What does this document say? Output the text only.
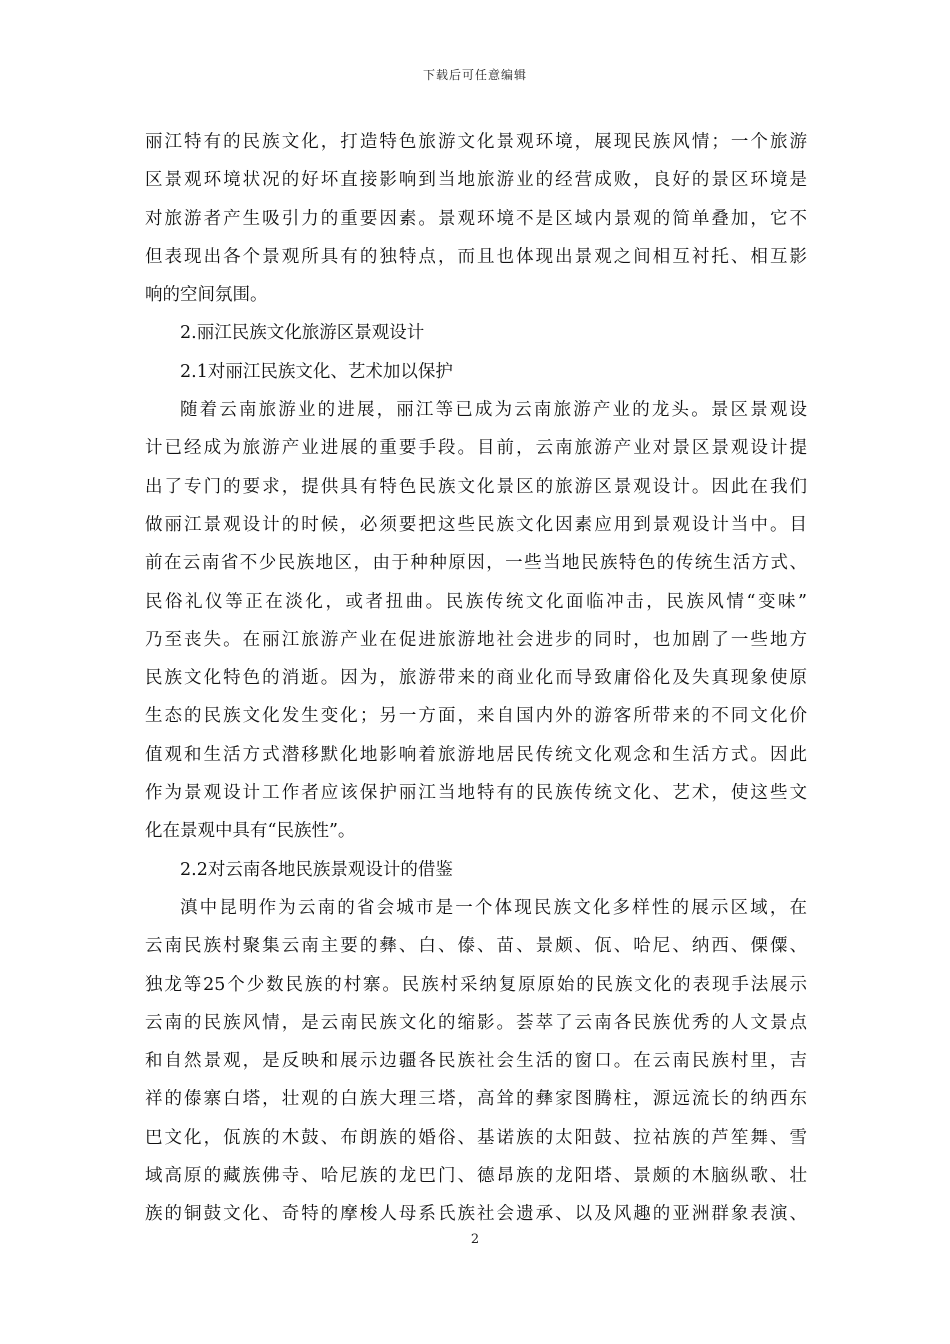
下载后可任意编辑
丽江特有的民族文化，打造特色旅游文化景观环境，展现民族风情；一个旅游
区景观环境状况的好坏直接影响到当地旅游业的经营成败，良好的景区环境是
对旅游者产生吸引力的重要因素。景观环境不是区域内景观的简单叠加，它不
但表现出各个景观所具有的独特点，而且也体现出景观之间相互衬托、相互影
响的空间氛围。
2.丽江民族文化旅游区景观设计
2.1对丽江民族文化、艺术加以保护
随着云南旅游业的进展，丽江等已成为云南旅游产业的龙头。景区景观设
计已经成为旅游产业进展的重要手段。目前，云南旅游产业对景区景观设计提
出了专门的要求，提供具有特色民族文化景区的旅游区景观设计。因此在我们
做丽江景观设计的时候，必须要把这些民族文化因素应用到景观设计当中。目
前在云南省不少民族地区，由于种种原因，一些当地民族特色的传统生活方式、
民俗礼仪等正在淡化，或者扭曲。民族传统文化面临冲击，民族风情“变味”
乃至丧失。在丽江旅游产业在促进旅游地社会进步的同时，也加剧了一些地方
民族文化特色的消逝。因为，旅游带来的商业化而导致庸俗化及失真现象使原
生态的民族文化发生变化；另一方面，来自国内外的游客所带来的不同文化价
值观和生活方式潜移默化地影响着旅游地居民传统文化观念和生活方式。因此
作为景观设计工作者应该保护丽江当地特有的民族传统文化、艺术，使这些文
化在景观中具有“民族性”。
2.2对云南各地民族景观设计的借鉴
滇中昆明作为云南的省会城市是一个体现民族文化多样性的展示区域，在
云南民族村聚集云南主要的彝、白、傣、苗、景颇、佤、哈尼、纳西、傈僳、
独龙等25个少数民族的村寨。民族村采纳复原原始的民族文化的表现手法展示
云南的民族风情，是云南民族文化的缩影。荟萃了云南各民族优秀的人文景点
和自然景观，是反映和展示边疆各民族社会生活的窗口。在云南民族村里，吉
祥的傣寨白塔，壮观的白族大理三塔，高耸的彝家图腾柱，源远流长的纳西东
巴文化，佤族的木鼓、布朗族的婚俗、基诺族的太阳鼓、拉祜族的芦笙舞、雪
域高原的藏族佛寺、哈尼族的龙巴门、德昂族的龙阳塔、景颇的木脑纵歌、壮
族的铜鼓文化、奇特的摩梭人母系氏族社会遗承、以及风趣的亚洲群象表演、
2
